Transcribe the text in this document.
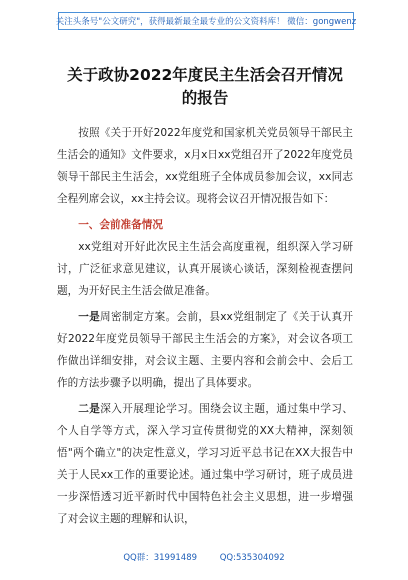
关注头条号"公文研究"，获得最新最全最专业的公文资料库！ 微信：gongwenz

关于政协2022年度民主生活会召开情况

的报告

按照《关于开好2022年度党和国家机关党员领导干部民主生活会的通知》文件要求，x月x日xx党组召开了2022年度党员领导干部民主生活会，xx党组班子全体成员参加会议，xx同志全程列席会议，xx主持会议。现将会议召开情况报告如下：

一、会前准备情况

xx党组对开好此次民主生活会高度重视，组织深入学习研讨，广泛征求意见建议，认真开展谈心谈话，深刻检视查摆问题，为开好民主生活会做足准备。

一是周密制定方案。会前，县xx党组制定了《关于认真开好2022年度党员领导干部民主生活会的方案》，对会议各项工作做出详细安排，对会议主题、主要内容和会前会中、会后工作的方法步骤予以明确，提出了具体要求。

二是深入开展理论学习。围绕会议主题，通过集中学习、个人自学等方式，深入学习宣传贯彻党的XX大精神，深刻领悟"两个确立"的决定性意义，学习习近平总书记在XX大报告中关于人民xx工作的重要论述。通过集中学习研讨，班子成员进一步深悟透习近平新时代中国特色社会主义思想，进一步增强了对会议主题的理解和认识，

QQ群：31991489	QQ:535304092
